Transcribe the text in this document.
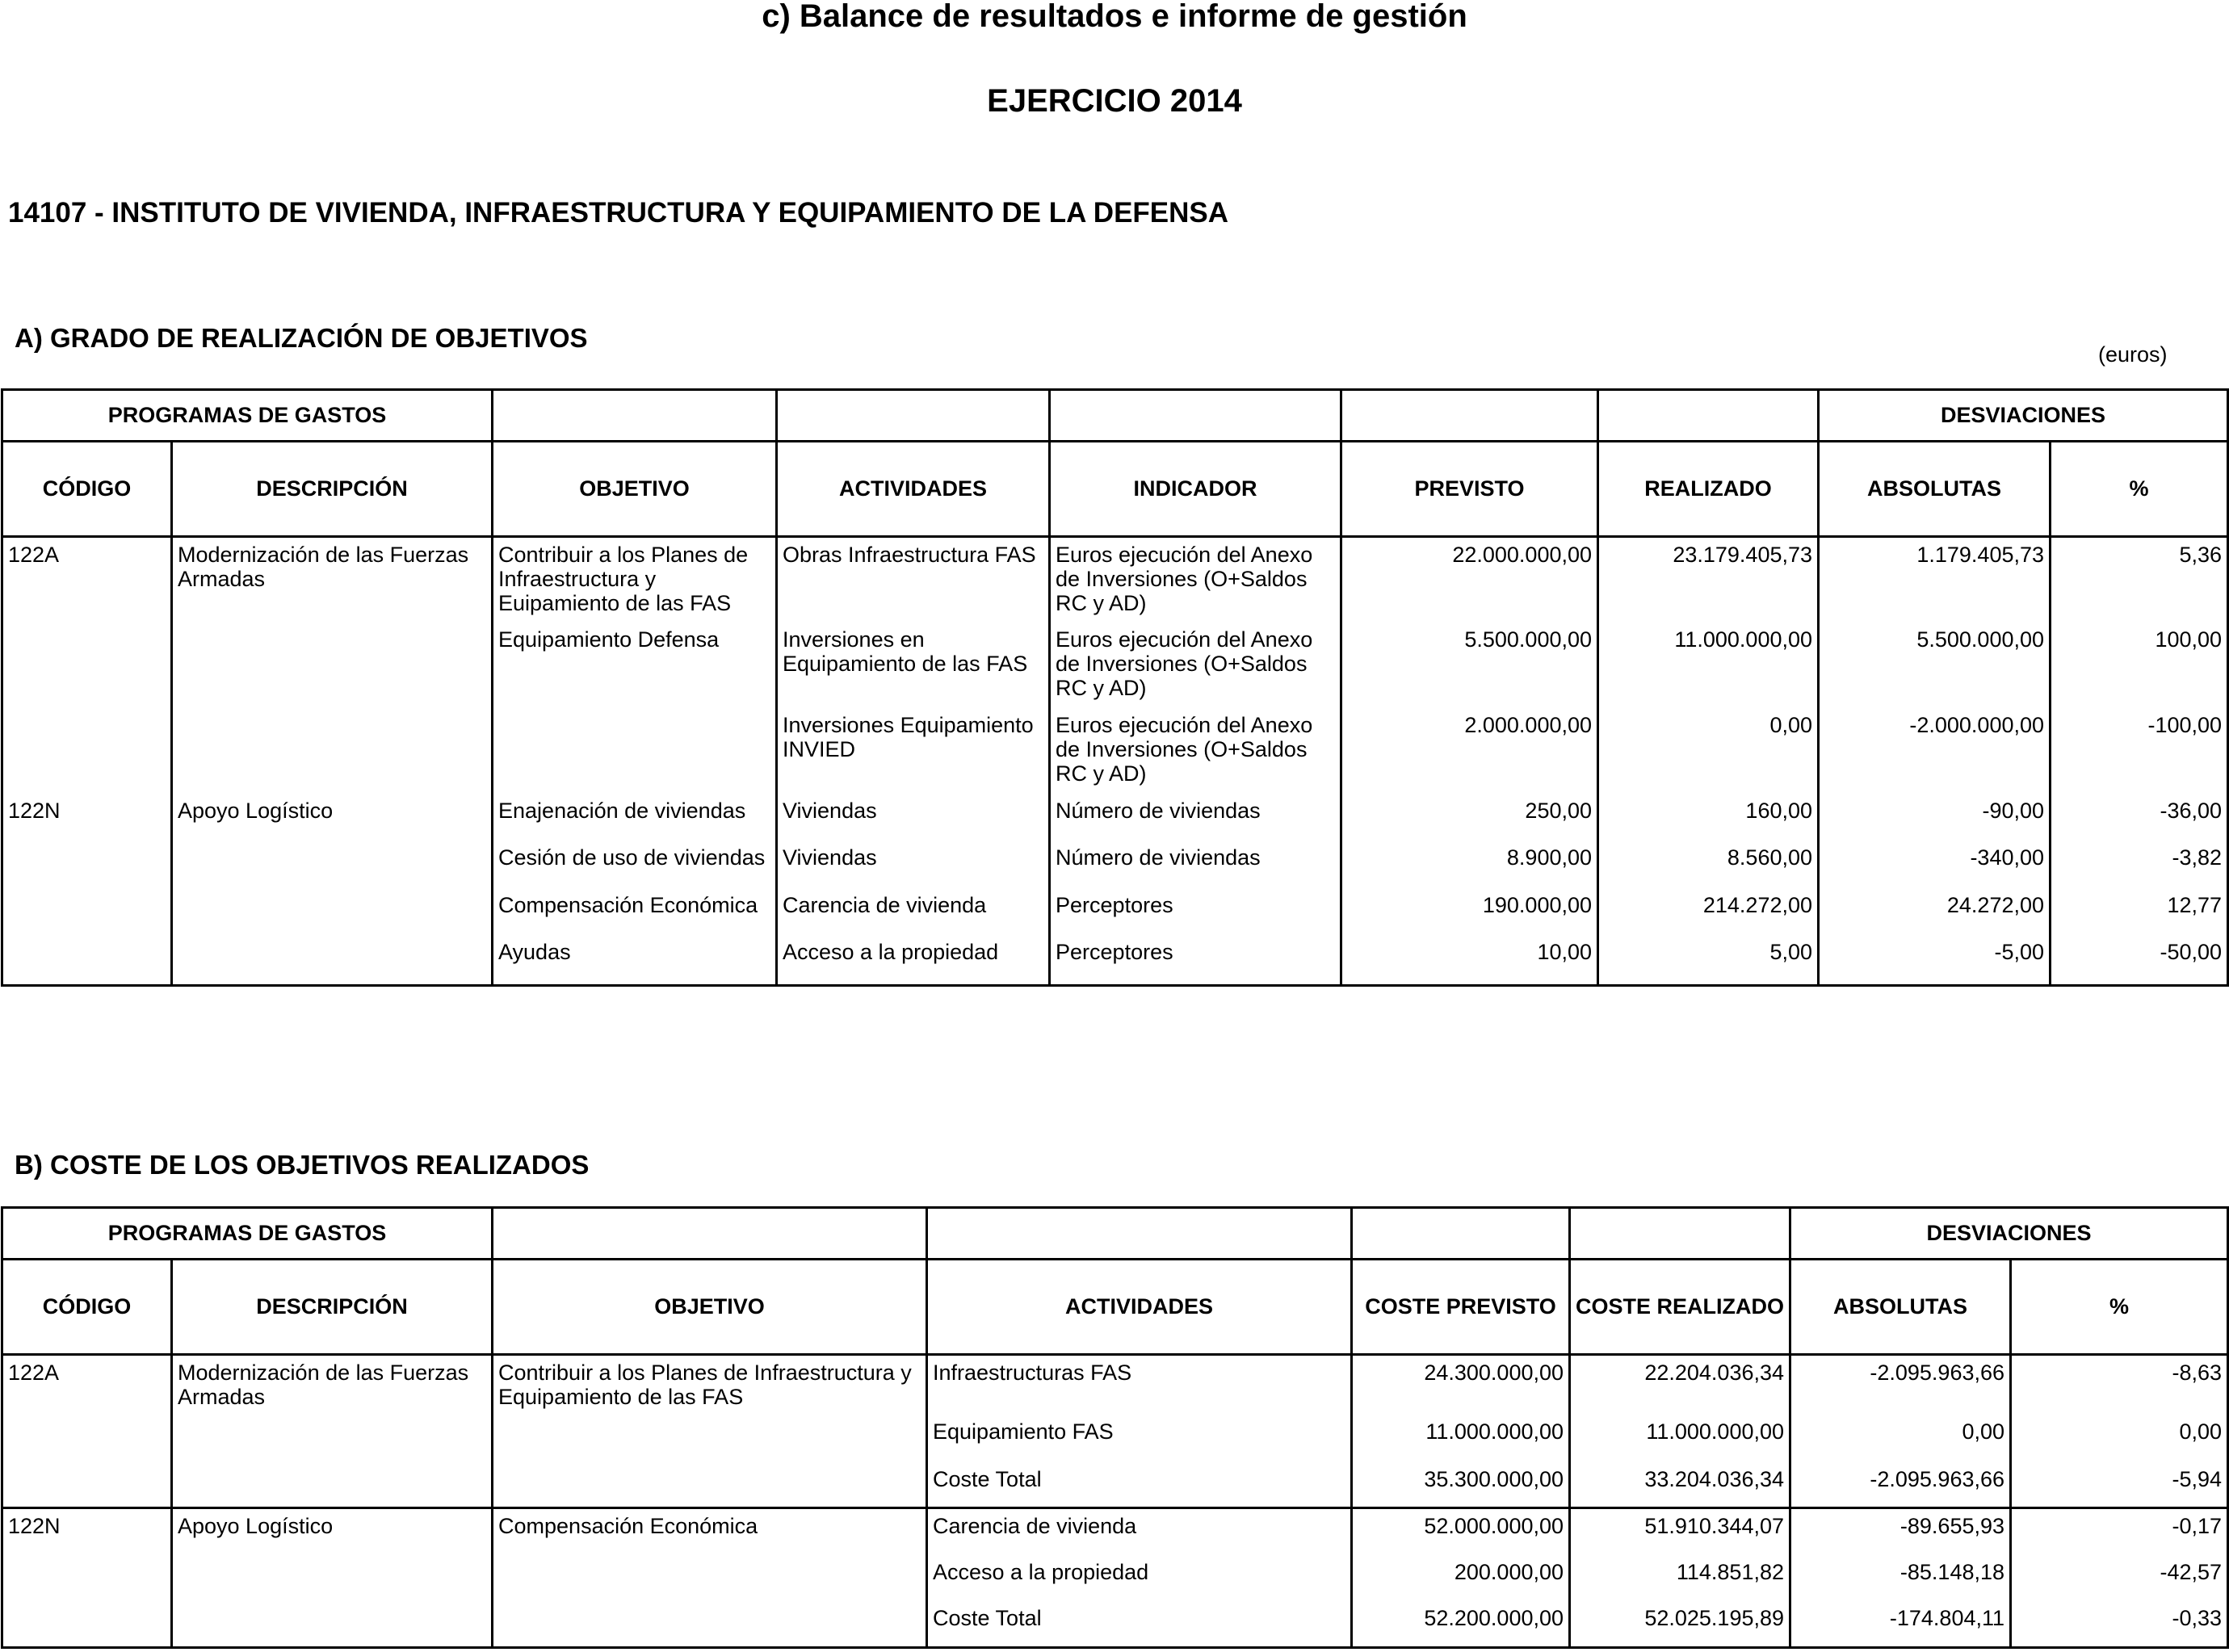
c) Balance de resultados e informe de gestión
EJERCICIO 2014
14107 - INSTITUTO DE VIVIENDA, INFRAESTRUCTURA Y EQUIPAMIENTO DE LA DEFENSA
A) GRADO DE REALIZACIÓN DE OBJETIVOS
(euros)
PROGRAMAS DE GASTOS							DESVIACIONES	
CÓDIGO	DESCRIPCIÓN	OBJETIVO	ACTIVIDADES	INDICADOR	PREVISTO	REALIZADO	ABSOLUTAS	%
122A	Modernización de las Fuerzas Armadas	Contribuir a los Planes de Infraestructura y Euipamiento de las FAS	Obras Infraestructura FAS	Euros ejecución del Anexo de Inversiones (O+Saldos RC y AD)	22.000.000,00	23.179.405,73	1.179.405,73	5,36
		Equipamiento Defensa	Inversiones en Equipamiento de las FAS	Euros ejecución del Anexo de Inversiones (O+Saldos RC y AD)	5.500.000,00	11.000.000,00	5.500.000,00	100,00
			Inversiones Equipamiento INVIED	Euros ejecución del Anexo de Inversiones (O+Saldos RC y AD)	2.000.000,00	0,00	-2.000.000,00	-100,00
122N	Apoyo Logístico	Enajenación de viviendas	Viviendas	Número de viviendas	250,00	160,00	-90,00	-36,00
		Cesión de uso de viviendas	Viviendas	Número de viviendas	8.900,00	8.560,00	-340,00	-3,82
		Compensación Económica	Carencia de vivienda	Perceptores	190.000,00	214.272,00	24.272,00	12,77
		Ayudas	Acceso a la propiedad	Perceptores	10,00	5,00	-5,00	-50,00
B) COSTE DE LOS OBJETIVOS REALIZADOS
PROGRAMAS DE GASTOS						DESVIACIONES	
CÓDIGO	DESCRIPCIÓN	OBJETIVO	ACTIVIDADES	COSTE PREVISTO	COSTE REALIZADO	ABSOLUTAS	%
122A	Modernización de las Fuerzas Armadas	Contribuir a los Planes de Infraestructura y Equipamiento de las FAS	Infraestructuras FAS	24.300.000,00	22.204.036,34	-2.095.963,66	-8,63
			Equipamiento FAS	11.000.000,00	11.000.000,00	0,00	0,00
			Coste Total	35.300.000,00	33.204.036,34	-2.095.963,66	-5,94
122N	Apoyo Logístico	Compensación Económica	Carencia de vivienda	52.000.000,00	51.910.344,07	-89.655,93	-0,17
			Acceso a la propiedad	200.000,00	114.851,82	-85.148,18	-42,57
			Coste Total	52.200.000,00	52.025.195,89	-174.804,11	-0,33
